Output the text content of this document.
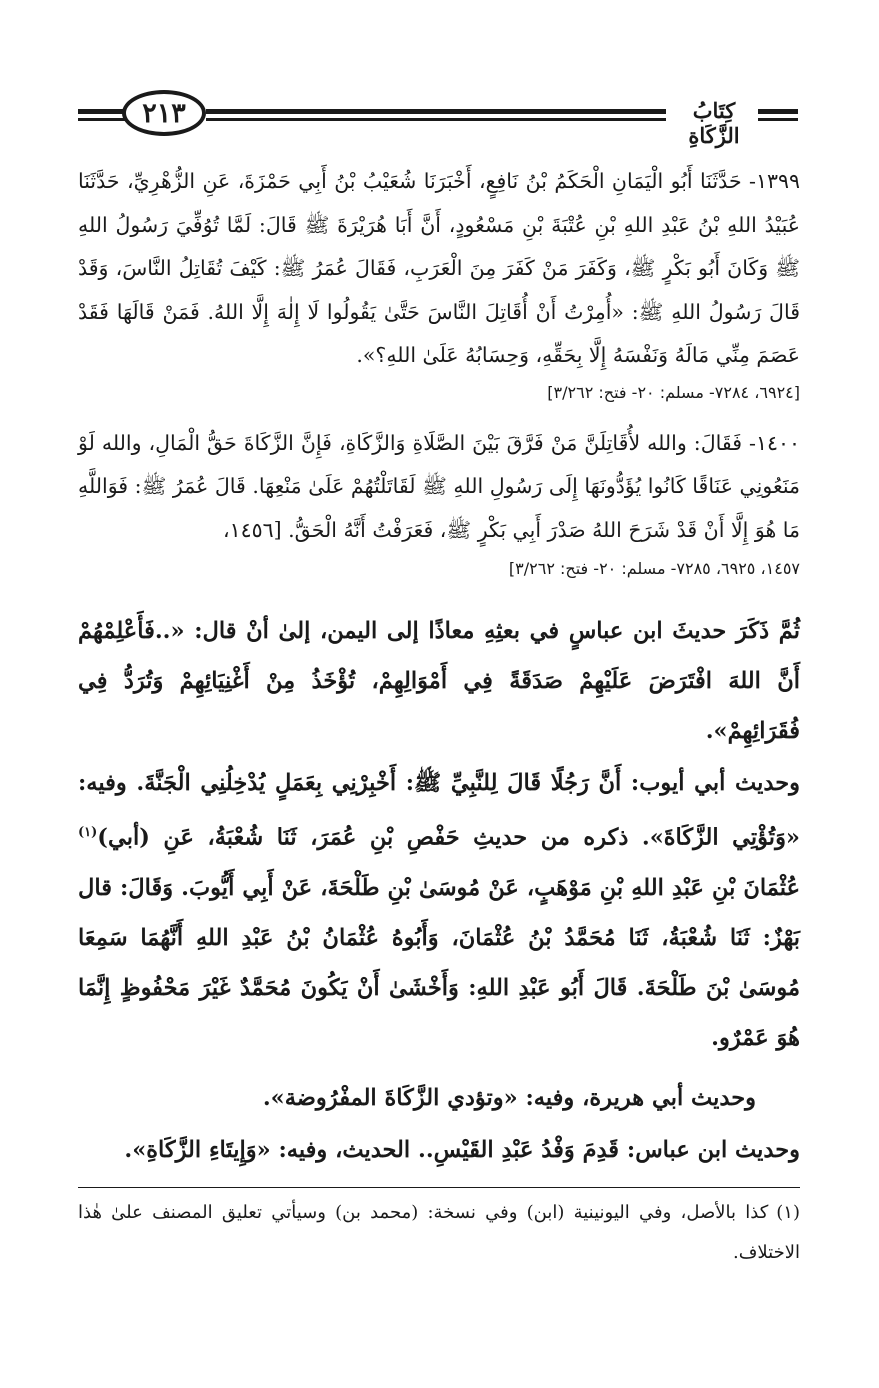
٢١٣	كِتَابُ الزَّكَاةِ

١٣٩٩- حَدَّثَنَا أَبُو الْيَمَانِ الْحَكَمُ بْنُ نَافِعٍ، أَخْبَرَنَا شُعَيْبُ بْنُ أَبِي حَمْزَةَ، عَنِ الزُّهْرِيِّ، حَدَّثَنَا عُبَيْدُ اللهِ بْنُ عَبْدِ اللهِ بْنِ عُتْبَةَ بْنِ مَسْعُودٍ، أَنَّ أَبَا هُرَيْرَةَ ﷺ قَالَ: لَمَّا تُوُفِّيَ رَسُولُ اللهِ ﷺ وَكَانَ أَبُو بَكْرٍ ﷺ، وَكَفَرَ مَنْ كَفَرَ مِنَ الْعَرَبِ، فَقَالَ عُمَرُ ﷺ: كَيْفَ تُقَاتِلُ النَّاسَ، وَقَدْ قَالَ رَسُولُ اللهِ ﷺ: «أُمِرْتُ أَنْ أُقَاتِلَ النَّاسَ حَتَّىٰ يَقُولُوا لَا إِلٰهَ إِلَّا اللهُ. فَمَنْ قَالَهَا فَقَدْ عَصَمَ مِنِّي مَالَهُ وَنَفْسَهُ إِلَّا بِحَقِّهِ، وَحِسَابُهُ عَلَىٰ اللهِ؟».

[٦٩٢٤، ٧٢٨٤- مسلم: ٢٠- فتح: ٣/٢٦٢]

١٤٠٠- فَقَالَ: والله لأُقَاتِلَنَّ مَنْ فَرَّقَ بَيْنَ الصَّلَاةِ وَالزَّكَاةِ، فَإِنَّ الزَّكَاةَ حَقُّ الْمَالِ، والله لَوْ مَنَعُونِي عَنَاقًا كَانُوا يُؤَدُّونَهَا إِلَى رَسُولِ اللهِ ﷺ لَقَاتَلْتُهُمْ عَلَىٰ مَنْعِهَا. قَالَ عُمَرُ ﷺ: فَوَاللَّهِ مَا هُوَ إِلَّا أَنْ قَدْ شَرَحَ اللهُ صَدْرَ أَبِي بَكْرٍ ﷺ، فَعَرَفْتُ أَنَّهُ الْحَقُّ. [١٤٥٦،

١٤٥٧، ٦٩٢٥، ٧٢٨٥- مسلم: ٢٠- فتح: ٣/٢٦٢]

ثُمَّ ذَكَرَ حديثَ ابن عباسٍ في بعثِهِ معاذًا إلى اليمن، إلىٰ أنْ قال: «..فَأَعْلِمْهُمْ أَنَّ اللهَ افْتَرَضَ عَلَيْهِمْ صَدَقَةً فِي أَمْوَالِهِمْ، تُؤْخَذُ مِنْ أَغْنِيَائِهِمْ وَتُرَدُّ فِي فُقَرَائِهِمْ».

وحديث أبي أيوب: أَنَّ رَجُلًا قَالَ لِلنَّبِيِّ ﷺ: أَخْبِرْنِي بِعَمَلٍ يُدْخِلُنِي الْجَنَّةَ. وفيه: «وَتُؤْتِي الزَّكَاةَ». ذكره من حديثِ حَفْصِ بْنِ عُمَرَ، ثَنَا شُعْبَةُ، عَنِ (أبي)$^{(١)}$ عُثْمَانَ بْنِ عَبْدِ اللهِ بْنِ مَوْهَبٍ، عَنْ مُوسَىٰ بْنِ طَلْحَةَ، عَنْ أَبِي أَيُّوبَ. وَقَالَ: قال بَهْزٌ: ثَنَا شُعْبَةُ، ثَنَا مُحَمَّدُ بْنُ عُثْمَانَ، وَأَبُوهُ عُثْمَانُ بْنُ عَبْدِ اللهِ أَنَّهُمَا سَمِعَا مُوسَىٰ بْنَ طَلْحَةَ. قَالَ أَبُو عَبْدِ اللهِ: وَأَخْشَىٰ أَنْ يَكُونَ مُحَمَّدٌ غَيْرَ مَحْفُوظٍ إِنَّمَا هُوَ عَمْرٌو.

وحديث أبي هريرة، وفيه: «وتؤدي الزَّكَاةَ المفْرُوضة».

وحديث ابن عباس: قَدِمَ وَفْدُ عَبْدِ القَيْسِ.. الحديث، وفيه: «وَإِيتَاءِ الزَّكَاةِ».

(١)كذا بالأصل، وفي اليونينية (ابن) وفي نسخة: (محمد بن) وسيأتي تعليق المصنف علىٰ هٰذا الاختلاف.
